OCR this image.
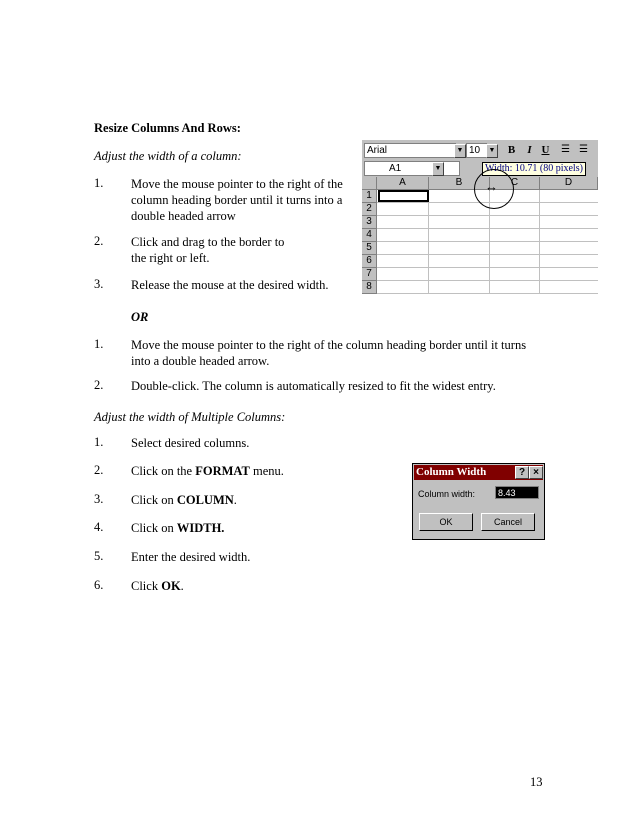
Resize Columns And Rows:
Adjust the width of a column:
1. Move the mouse pointer to the right of the
column heading border until it turns into a
double headed arrow
2. Click and drag to the border to
the right or left.
3. Release the mouse at the desired width.
OR
1. Move the mouse pointer to the right of the column heading border until it turns
into a double headed arrow.
2. Double-click. The column is automatically resized to fit the widest entry.
Adjust the width of Multiple Columns:
1. Select desired columns.
2. Click on the FORMAT menu.
3. Click on COLUMN.
4. Click on WIDTH.
5. Enter the desired width.
6. Click OK.
13
Arial	▼ 10	▼	B	I U	☰ ☰
A1	▼	Width: 10.71 (80 pixels)
A	B	C	D
1
2
3
4
5
6
7
8
↔
Column Width	? ×
Column width:	8.43
OK	Cancel
